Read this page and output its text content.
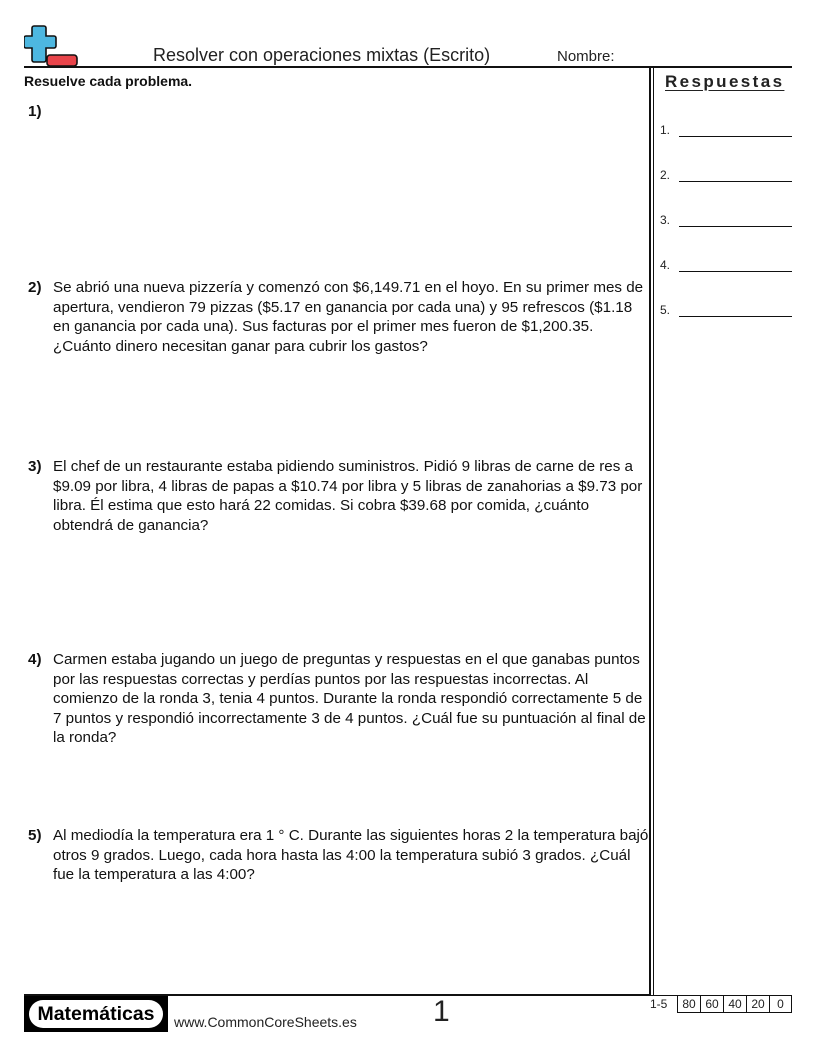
Resolver con operaciones mixtas (Escrito)	Nombre:
Resuelve cada problema.
1)
2) Se abrió una nueva pizzería y comenzó con $6,149.71 en el hoyo. En su primer mes de apertura, vendieron 79 pizzas ($5.17 en ganancia por cada una) y 95 refrescos ($1.18 en ganancia por cada una). Sus facturas por el primer mes fueron de $1,200.35. ¿Cuánto dinero necesitan ganar para cubrir los gastos?
3) El chef de un restaurante estaba pidiendo suministros. Pidió 9 libras de carne de res a $9.09 por libra, 4 libras de papas a $10.74 por libra y 5 libras de zanahorias a $9.73 por libra. Él estima que esto hará 22 comidas. Si cobra $39.68 por comida, ¿cuánto obtendrá de ganancia?
4) Carmen estaba jugando un juego de preguntas y respuestas en el que ganabas puntos por las respuestas correctas y perdías puntos por las respuestas incorrectas. Al comienzo de la ronda 3, tenia 4 puntos. Durante la ronda respondió correctamente 5 de 7 puntos y respondió incorrectamente 3 de 4 puntos. ¿Cuál fue su puntuación al final de la ronda?
5) Al mediodía la temperatura era 1 ° C. Durante las siguientes horas 2 la temperatura bajó otros 9 grados. Luego, cada hora hasta las 4:00 la temperatura subió 3 grados. ¿Cuál fue la temperatura a las 4:00?
Respuestas
1.
2.
3.
4.
5.
Matemáticas	www.CommonCoreSheets.es	1	1-5	80 60 40 20	0
